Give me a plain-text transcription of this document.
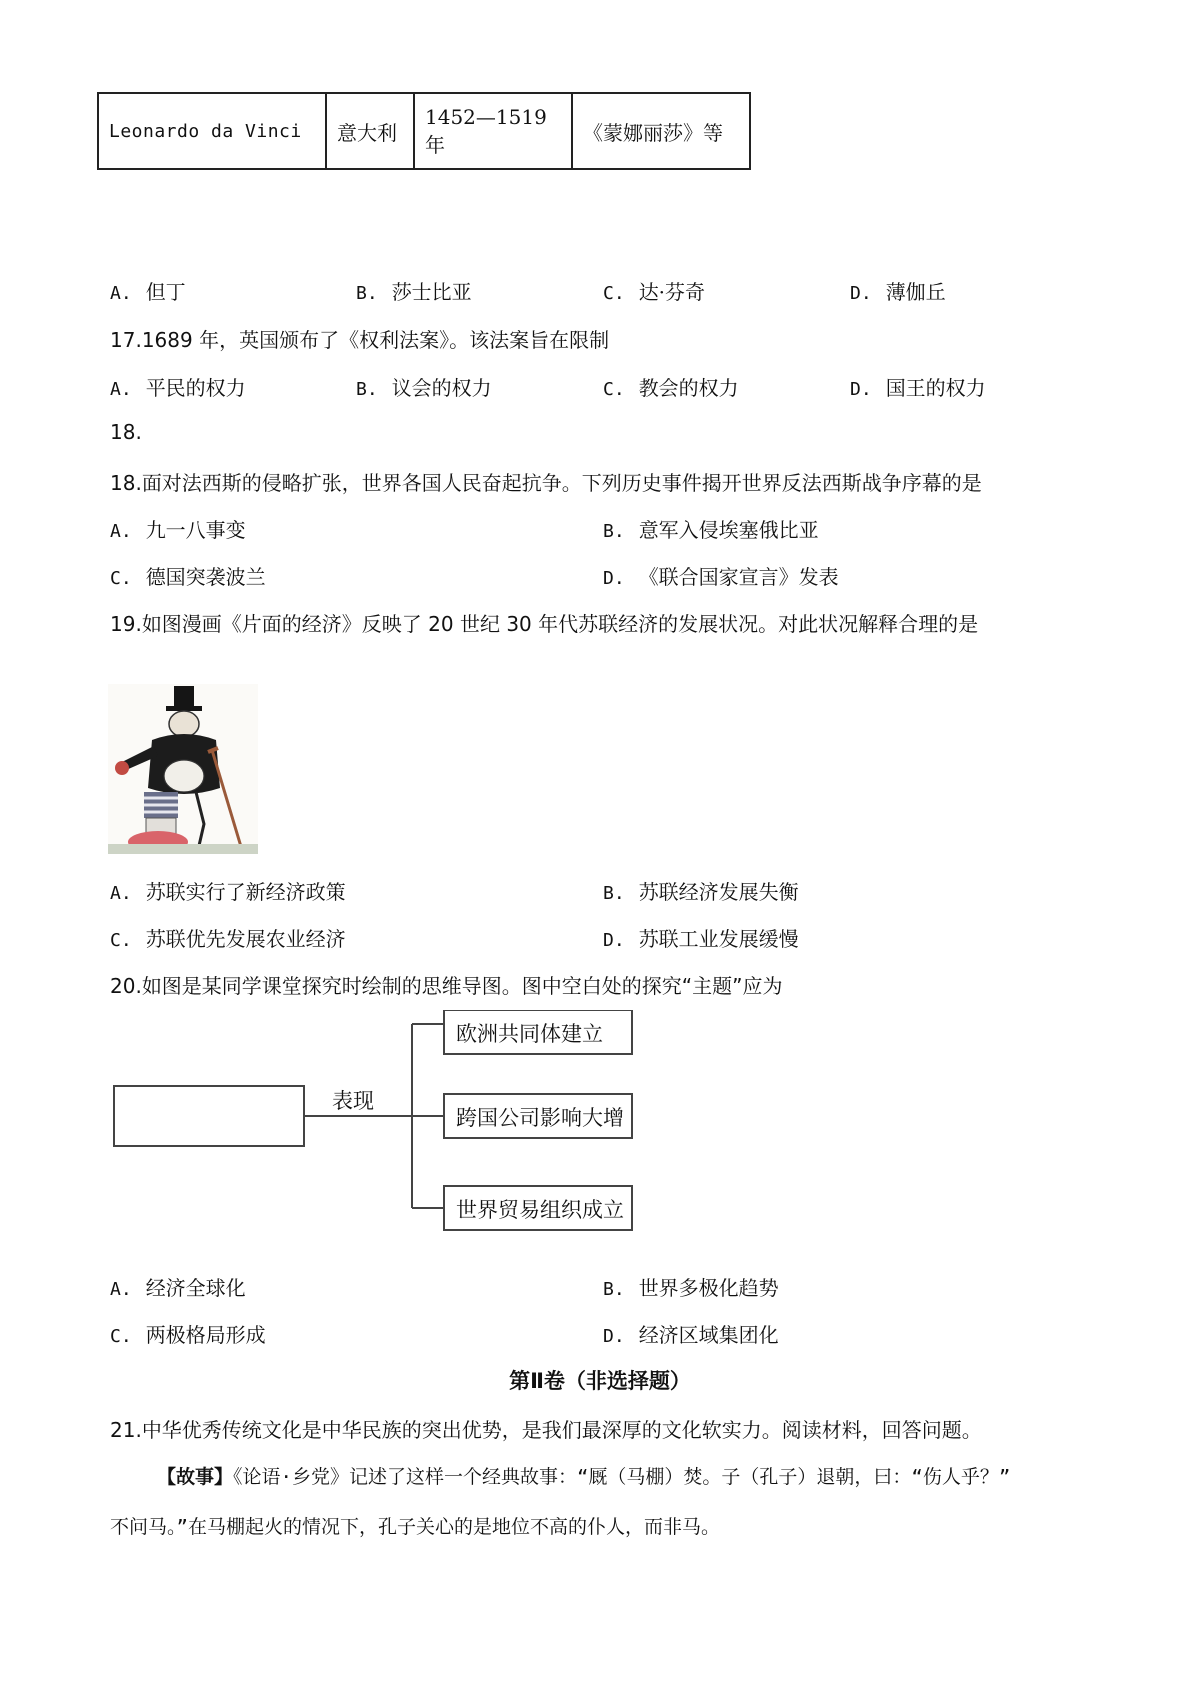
Leonardo da Vinci	意大利	1452—1519 年	《蒙娜丽莎》等
A. 但丁	B. 莎士比亚	C. 达·芬奇	D. 薄伽丘
17.1689 年，英国颁布了《权利法案》。该法案旨在限制
A. 平民的权力	B. 议会的权力	C. 教会的权力	D. 国王的权力
18.
18.面对法西斯的侵略扩张，世界各国人民奋起抗争。下列历史事件揭开世界反法西斯战争序幕的是
A. 九一八事变	B. 意军入侵埃塞俄比亚
C. 德国突袭波兰	D. 《联合国家宣言》发表
19.如图漫画《片面的经济》反映了 20 世纪 30 年代苏联经济的发展状况。对此状况解释合理的是
A. 苏联实行了新经济政策	B. 苏联经济发展失衡
C. 苏联优先发展农业经济	D. 苏联工业发展缓慢
20.如图是某同学课堂探究时绘制的思维导图。图中空白处的探究“主题”应为
表现
欧洲共同体建立
跨国公司影响大增
世界贸易组织成立
A. 经济全球化	B. 世界多极化趋势
C. 两极格局形成	D. 经济区域集团化
第Ⅱ卷（非选择题）
21.中华优秀传统文化是中华民族的突出优势，是我们最深厚的文化软实力。阅读材料，回答问题。
【故事】《论语·乡党》记述了这样一个经典故事：“厩（马棚）焚。子（孔子）退朝，曰：“伤人乎？”
不问马。”在马棚起火的情况下，孔子关心的是地位不高的仆人，而非马。
